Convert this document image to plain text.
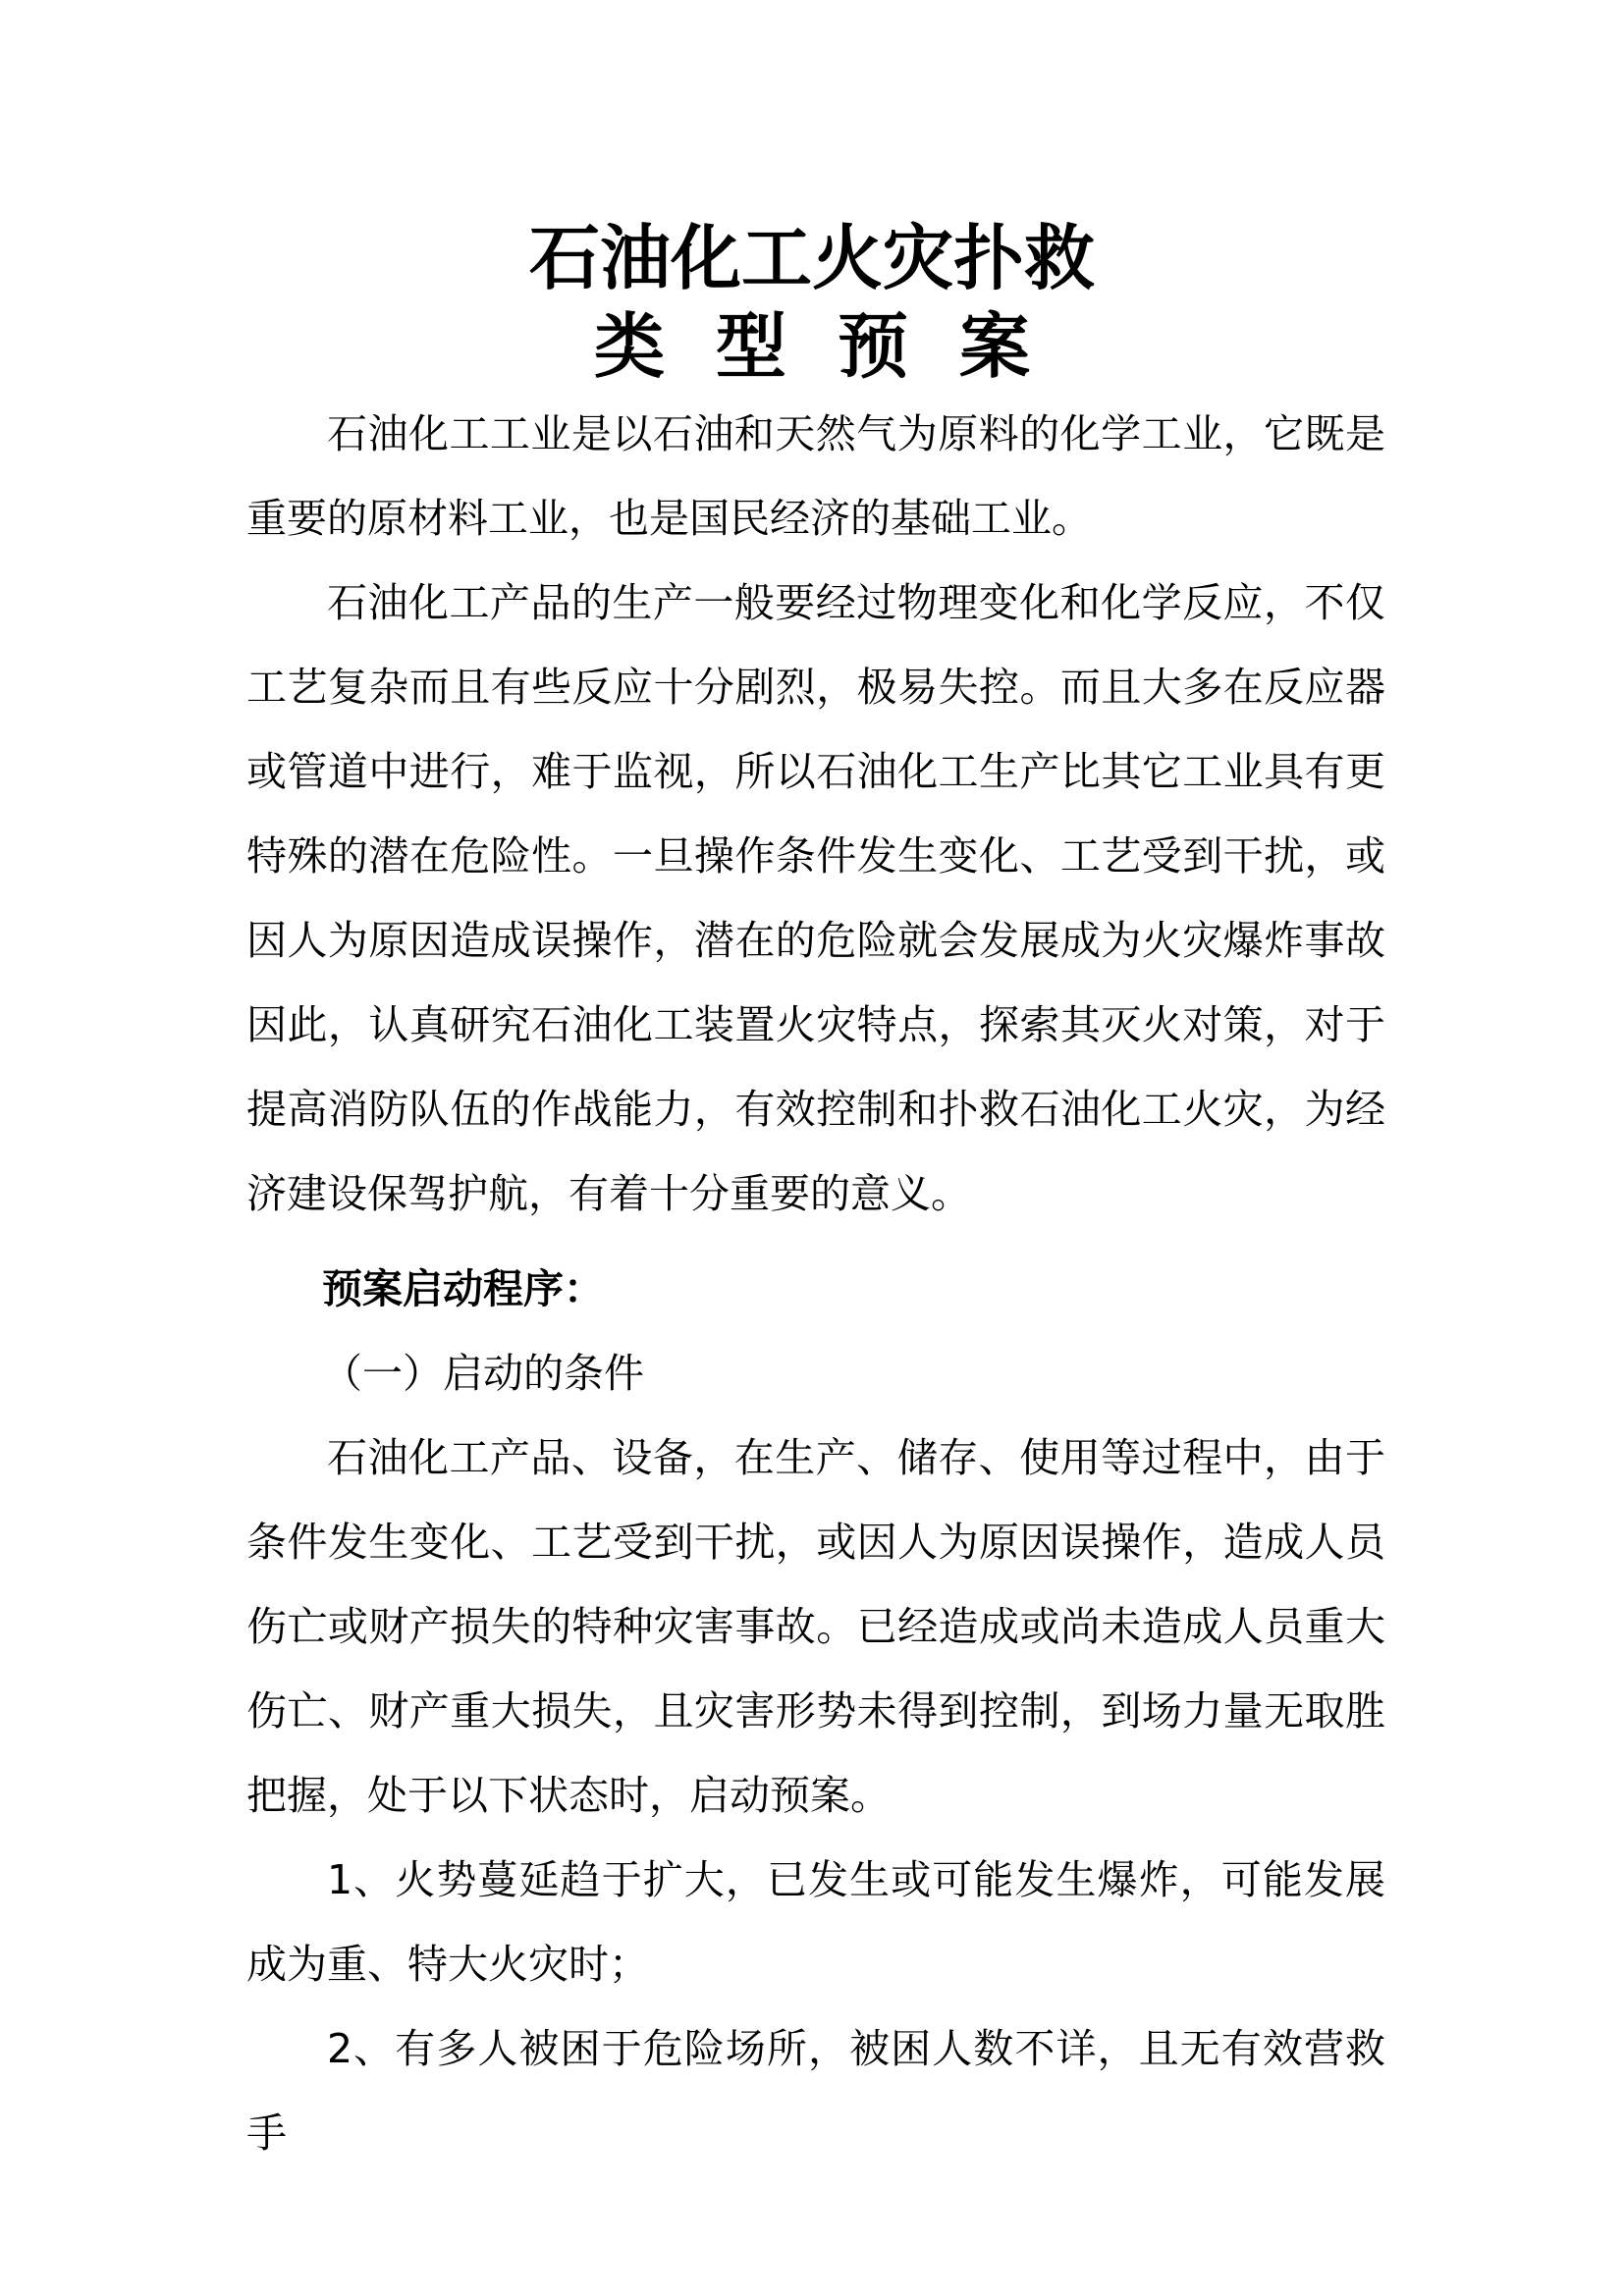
石油化工火灾扑救
类型预案

石油化工工业是以石油和天然气为原料的化学工业，它既是重要的原材料工业，也是国民经济的基础工业。

石油化工产品的生产一般要经过物理变化和化学反应，不仅工艺复杂而且有些反应十分剧烈，极易失控。而且大多在反应器或管道中进行，难于监视，所以石油化工生产比其它工业具有更特殊的潜在危险性。一旦操作条件发生变化、工艺受到干扰，或因人为原因造成误操作，潜在的危险就会发展成为火灾爆炸事故因此，认真研究石油化工装置火灾特点，探索其灭火对策，对于提高消防队伍的作战能力，有效控制和扑救石油化工火灾，为经济建设保驾护航，有着十分重要的意义。

预案启动程序：
（一）启动的条件

石油化工产品、设备，在生产、储存、使用等过程中，由于条件发生变化、工艺受到干扰，或因人为原因误操作，造成人员伤亡或财产损失的特种灾害事故。已经造成或尚未造成人员重大伤亡、财产重大损失，且灾害形势未得到控制，到场力量无取胜把握，处于以下状态时，启动预案。

1、火势蔓延趋于扩大，已发生或可能发生爆炸，可能发展成为重、特大火灾时；

2、有多人被困于危险场所，被困人数不详，且无有效营救手
